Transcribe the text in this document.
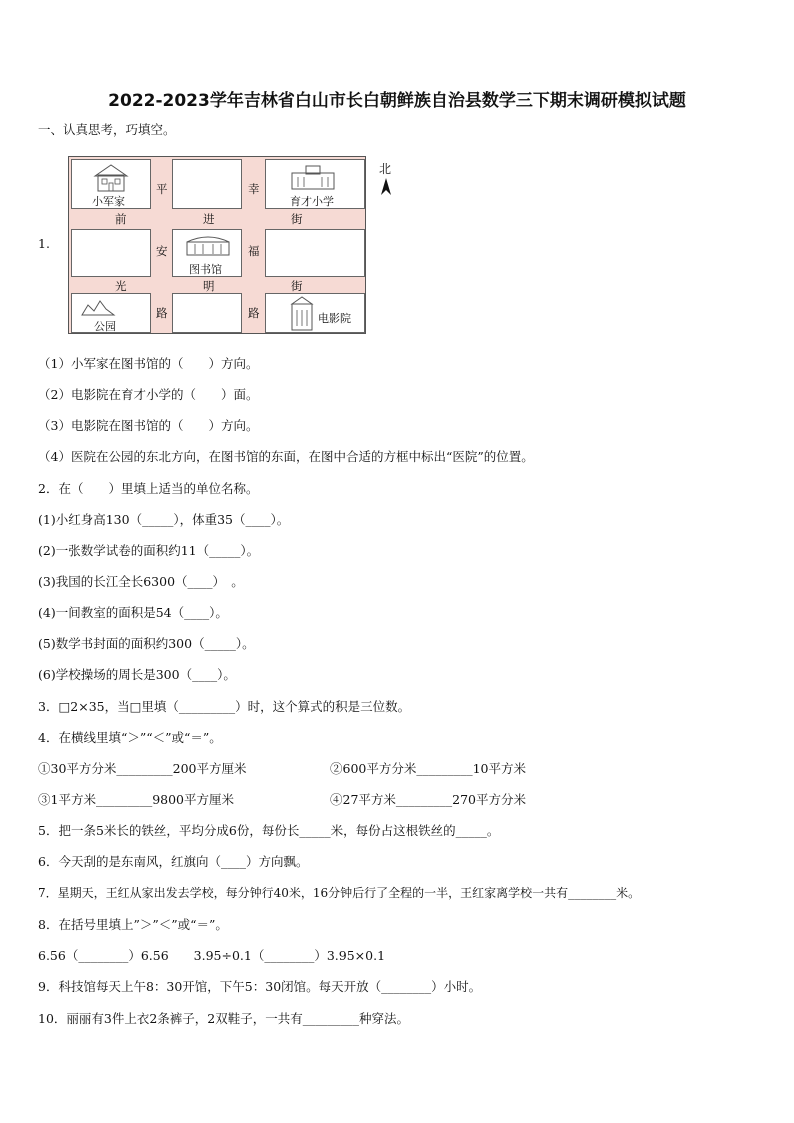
2022-2023学年吉林省白山市长白朝鲜族自治县数学三下期末调研模拟试题
一、认真思考，巧填空。
1.
小军家	育才小学
图书馆
公园
电影院
平
安
路
幸
福
路
前	进	街
光	明	街
北
（1）小军家在图书馆的（　　）方向。
（2）电影院在育才小学的（　　）面。
（3）电影院在图书馆的（　　）方向。
（4）医院在公园的东北方向，在图书馆的东面，在图中合适的方框中标出“医院”的位置。
2．在（　　）里填上适当的单位名称。
(1)小红身高130（_____），体重35（____）。
(2)一张数学试卷的面积约11（_____）。
(3)我国的长江全长6300（____）　。
(4)一间教室的面积是54（____）。
(5)数学书封面的面积约300（_____）。
(6)学校操场的周长是300（____）。
3．□2×35，当□里填（_________）时，这个算式的积是三位数。
4．在横线里填“＞”“＜”或“＝”。
①30平方分米_________200平方厘米	②600平方分米_________10平方米
③1平方米_________9800平方厘米	④27平方米_________270平方分米
5．把一条5米长的铁丝，平均分成6份，每份长_____米，每份占这根铁丝的_____。
6．今天刮的是东南风，红旗向（____）方向飘。
7．星期天，王红从家出发去学校，每分钟行40米，16分钟后行了全程的一半，王红家离学校一共有________米。
8．在括号里填上”＞”＜”或“＝”。
6.56（________）6.56　　3.95÷0.1（________）3.95×0.1
9．科技馆每天上午8：30开馆，下午5：30闭馆。每天开放（________）小时。
10．丽丽有3件上衣2条裤子，2双鞋子，一共有_________种穿法。
